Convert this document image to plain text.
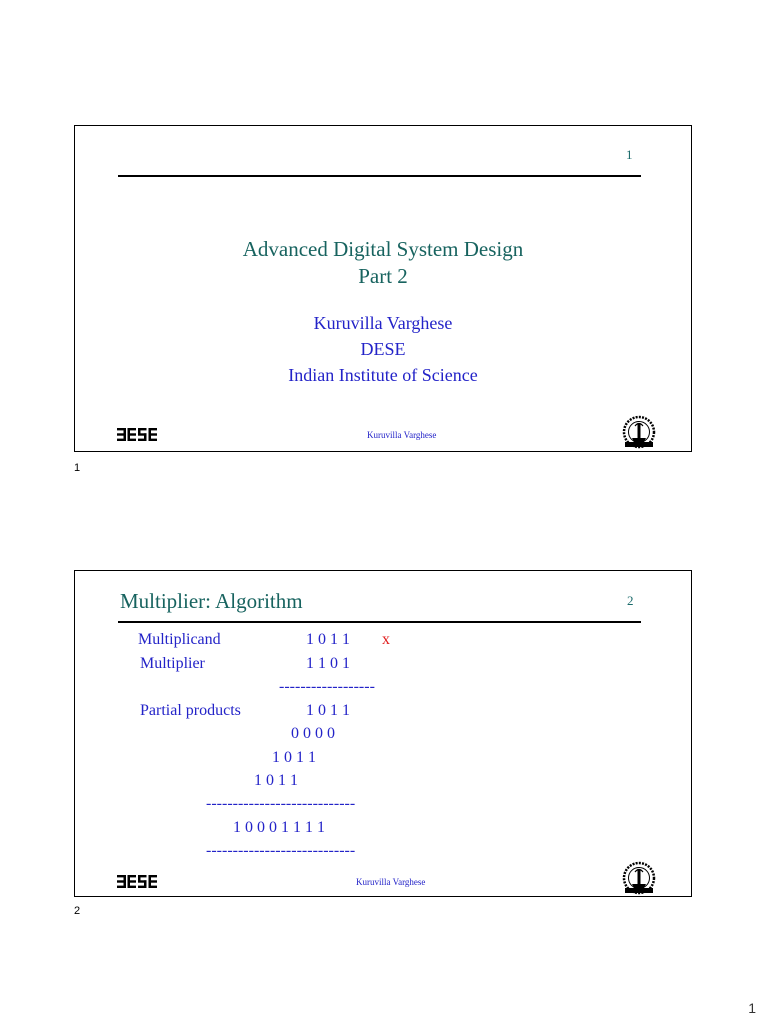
1
Advanced Digital System Design
Part 2
Kuruvilla Varghese
DESE
Indian Institute of Science
Kuruvilla Varghese
1
Multiplier: Algorithm	2
Multiplicand	1 0 1 1 x
Multiplier	1 1 0 1
------------------
Partial products	1 0 1 1
0 0 0 0
1 0 1 1
1 0 1 1
----------------------------
1 0 0 0 1 1 1 1
----------------------------
Kuruvilla Varghese
2
1
